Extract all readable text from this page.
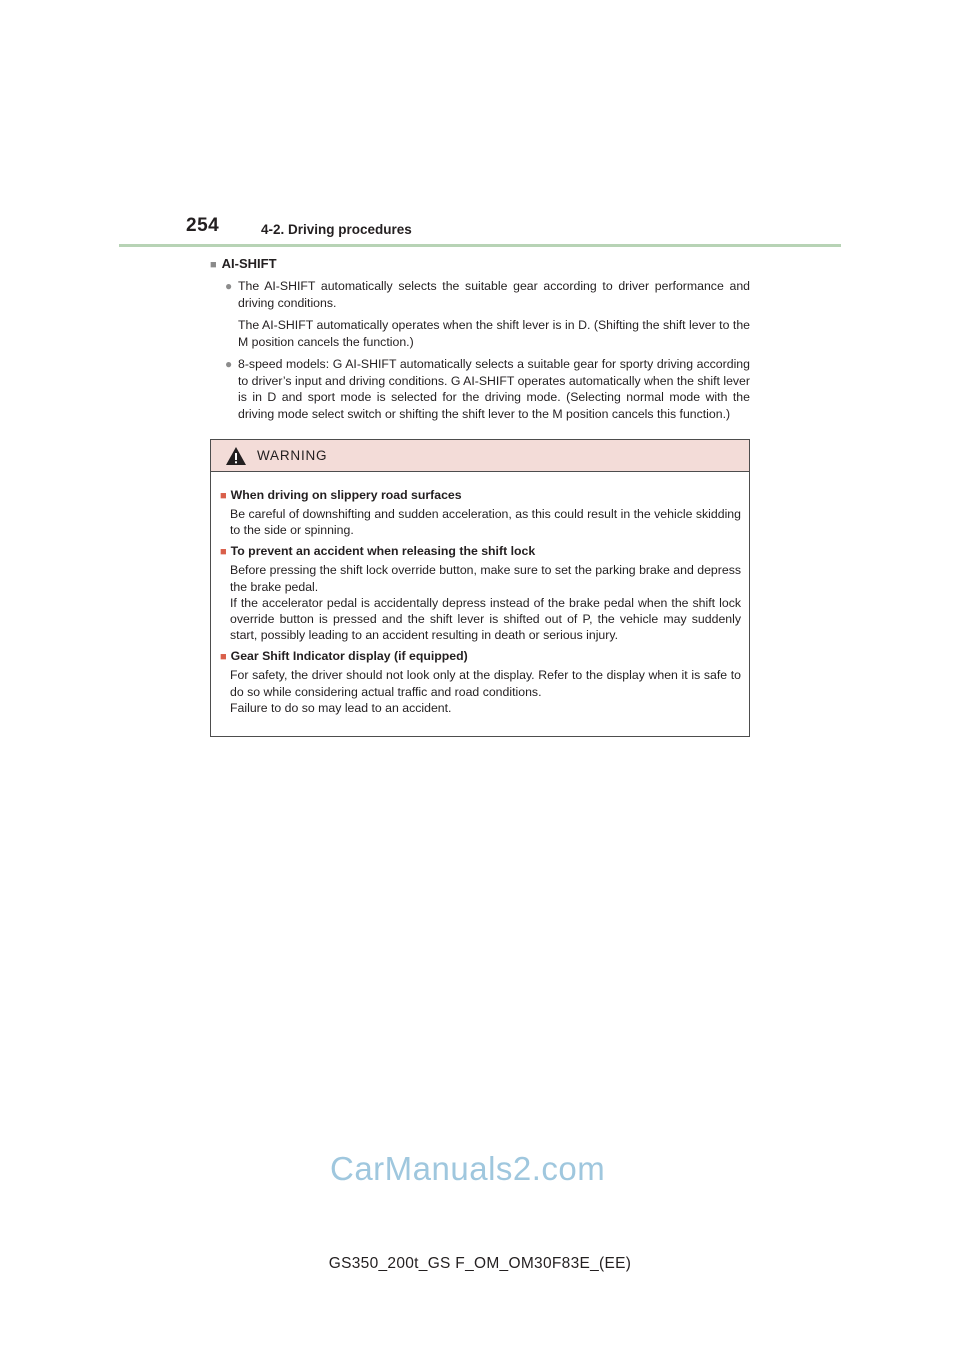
254	4-2. Driving procedures
■ AI-SHIFT
● The AI-SHIFT automatically selects the suitable gear according to driver performance and driving conditions.
The AI-SHIFT automatically operates when the shift lever is in D. (Shifting the shift lever to the M position cancels the function.)
● 8-speed models: G AI-SHIFT automatically selects a suitable gear for sporty driving according to driver’s input and driving conditions. G AI-SHIFT operates automatically when the shift lever is in D and sport mode is selected for the driving mode. (Selecting normal mode with the driving mode select switch or shifting the shift lever to the M position cancels this function.)
WARNING
■ When driving on slippery road surfaces
Be careful of downshifting and sudden acceleration, as this could result in the vehicle skidding to the side or spinning.
■ To prevent an accident when releasing the shift lock
Before pressing the shift lock override button, make sure to set the parking brake and depress the brake pedal.
If the accelerator pedal is accidentally depress instead of the brake pedal when the shift lock override button is pressed and the shift lever is shifted out of P, the vehicle may suddenly start, possibly leading to an accident resulting in death or serious injury.
■ Gear Shift Indicator display (if equipped)
For safety, the driver should not look only at the display. Refer to the display when it is safe to do so while considering actual traffic and road conditions.
Failure to do so may lead to an accident.
CarManuals2.com
GS350_200t_GS F_OM_OM30F83E_(EE)
